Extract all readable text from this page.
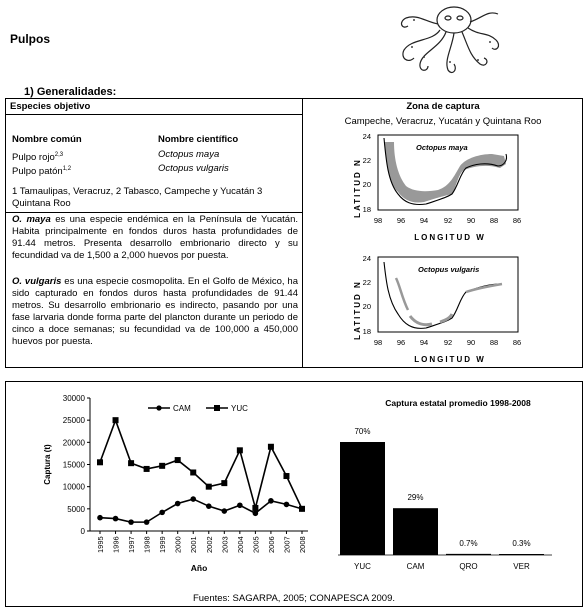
Pulpos
1) Generalidades:
Especies objetivo	Zona de captura
Campeche, Veracruz, Yucatán y Quintana Roo
Nombre común	Nombre científico
Pulpo rojo$^{2,3}$	Octopus maya
Pulpo patón$^{1,2}$	Octopus vulgaris
1 Tamaulipas, Veracruz, 2 Tabasco, Campeche y Yucatán 3
Quintana Roo
O. maya es una especie endémica en la Península de Yucatán. Habita principalmente en fondos duros hasta profundidades de 91.44 metros. Presenta desarrollo embrionario directo y su fecundidad va de 1,500 a 2,000 huevos por puesta.
O. vulgaris es una especie cosmopolita. En el Golfo de México, ha sido capturado en fondos duros hasta profundidades de 91.44 metros. Su desarrollo embrionario es indirecto, pasando por una fase larvaria donde forma parte del plancton durante un periodo de cinco a doce semanas; su fecundidad va de 100,000 a 450,000 huevos por puesta.
LATITUD N
Octopus maya
24
22
20
18
98 96 94 92 90 88 86
LONGITUD W
LATITUD N
Octopus vulgaris
24
22
20
18
98 96 94 92 90 88 86
LONGITUD W
0
5000
10000
15000
20000
25000
30000
1995 1996 1997 1998 1999 2000 2001 2002 2003 2004 2005 2006 2007 2008
CAM	YUC
Captura (t)
Año
Captura estatal promedio 1998-2008
70%
YUC
29%
CAM
0.7%
QRO
0.3%
VER
Fuentes: SAGARPA, 2005; CONAPESCA 2009.
